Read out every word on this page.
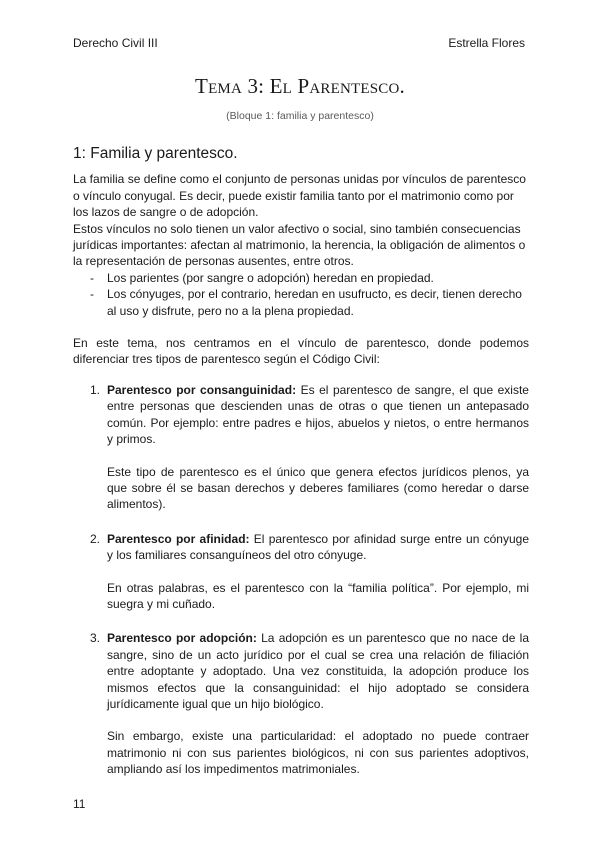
Derecho Civil III	Estrella Flores
Tema 3: El Parentesco.
(Bloque 1: familia y parentesco)
1: Familia y parentesco.

La familia se define como el conjunto de personas unidas por vínculos de parentesco o vínculo conyugal. Es decir, puede existir familia tanto por el matrimonio como por los lazos de sangre o de adopción.

Estos vínculos no solo tienen un valor afectivo o social, sino también consecuencias jurídicas importantes: afectan al matrimonio, la herencia, la obligación de alimentos o la representación de personas ausentes, entre otros.

- Los parientes (por sangre o adopción) heredan en propiedad.
- Los cónyuges, por el contrario, heredan en usufructo, es decir, tienen derecho al uso y disfrute, pero no a la plena propiedad.

En este tema, nos centramos en el vínculo de parentesco, donde podemos diferenciar tres tipos de parentesco según el Código Civil:

1. Parentesco por consanguinidad: Es el parentesco de sangre, el que existe entre personas que descienden unas de otras o que tienen un antepasado común. Por ejemplo: entre padres e hijos, abuelos y nietos, o entre hermanos y primos.

Este tipo de parentesco es el único que genera efectos jurídicos plenos, ya que sobre él se basan derechos y deberes familiares (como heredar o darse alimentos).

2. Parentesco por afinidad: El parentesco por afinidad surge entre un cónyuge y los familiares consanguíneos del otro cónyuge.

En otras palabras, es el parentesco con la “familia política”. Por ejemplo, mi suegra y mi cuñado.

3. Parentesco por adopción: La adopción es un parentesco que no nace de la sangre, sino de un acto jurídico por el cual se crea una relación de filiación entre adoptante y adoptado. Una vez constituida, la adopción produce los mismos efectos que la consanguinidad: el hijo adoptado se considera jurídicamente igual que un hijo biológico.

Sin embargo, existe una particularidad: el adoptado no puede contraer matrimonio ni con sus parientes biológicos, ni con sus parientes adoptivos, ampliando así los impedimentos matrimoniales.

11
